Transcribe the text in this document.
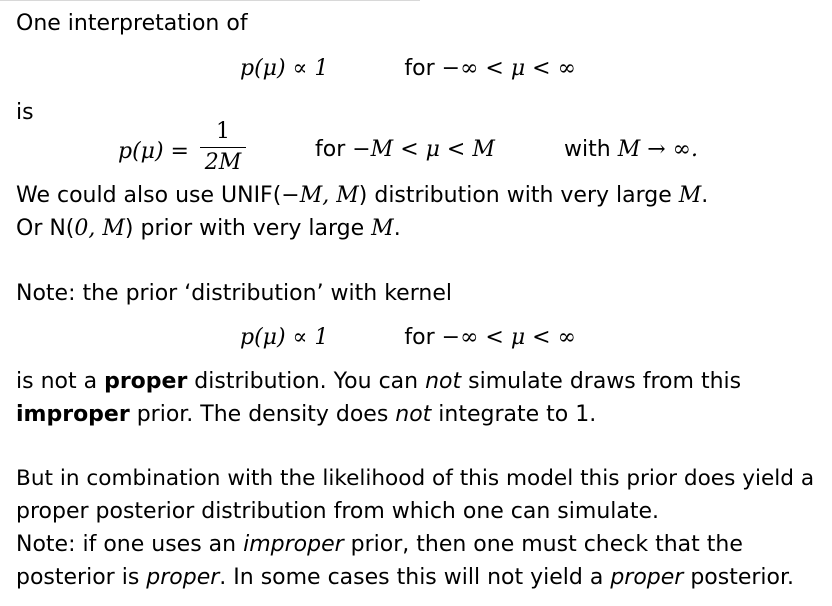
One interpretation of
p(μ) ∝ 1	for −∞ < μ < ∞
is
p(μ) =
1
2M
for −M < μ < M	with M → ∞.
We could also use UNIF(−M, M) distribution with very large M.
Or N(0, M) prior with very large M.
Note: the prior ‘distribution’ with kernel
p(μ) ∝ 1	for −∞ < μ < ∞
is not a proper distribution. You can not simulate draws from this
improper prior. The density does not integrate to 1.
But in combination with the likelihood of this model this prior does yield a
proper posterior distribution from which one can simulate.
Note: if one uses an improper prior, then one must check that the
posterior is proper. In some cases this will not yield a proper posterior.
